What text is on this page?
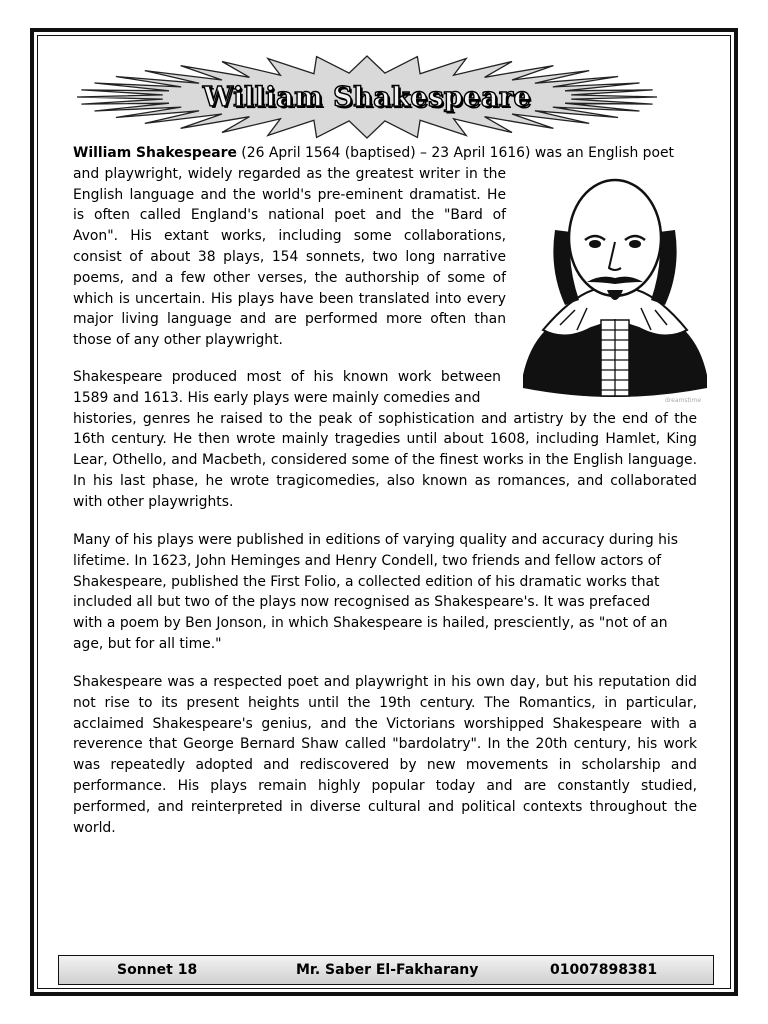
William Shakespeare
dreamstime
William Shakespeare (26 April 1564 (baptised) – 23 April 1616) was an English poet
and playwright, widely regarded as the greatest writer in the English language and the world's pre-eminent dramatist. He is often called England's national poet and the "Bard of Avon". His extant works, including some collaborations, consist of about 38 plays, 154 sonnets, two long narrative poems, and a few other verses, the authorship of some of which is uncertain. His plays have been translated into every major living language and are performed more often than those of any other playwright.
Shakespeare produced most of his known work between 1589 and 1613. His early plays were mainly comedies and
histories, genres he raised to the peak of sophistication and artistry by the end of the 16th century. He then wrote mainly tragedies until about 1608, including Hamlet, King Lear, Othello, and Macbeth, considered some of the finest works in the English language. In his last phase, he wrote tragicomedies, also known as romances, and collaborated with other playwrights.

Many of his plays were published in editions of varying quality and accuracy during his lifetime. In 1623, John Heminges and Henry Condell, two friends and fellow actors of Shakespeare, published the First Folio, a collected edition of his dramatic works that included all but two of the plays now recognised as Shakespeare's. It was prefaced with a poem by Ben Jonson, in which Shakespeare is hailed, presciently, as "not of an age, but for all time."

Shakespeare was a respected poet and playwright in his own day, but his reputation did not rise to its present heights until the 19th century. The Romantics, in particular, acclaimed Shakespeare's genius, and the Victorians worshipped Shakespeare with a reverence that George Bernard Shaw called "bardolatry". In the 20th century, his work was repeatedly adopted and rediscovered by new movements in scholarship and performance. His plays remain highly popular today and are constantly studied, performed, and reinterpreted in diverse cultural and political contexts throughout the world.

Sonnet 18	Mr. Saber El-Fakharany	01007898381
